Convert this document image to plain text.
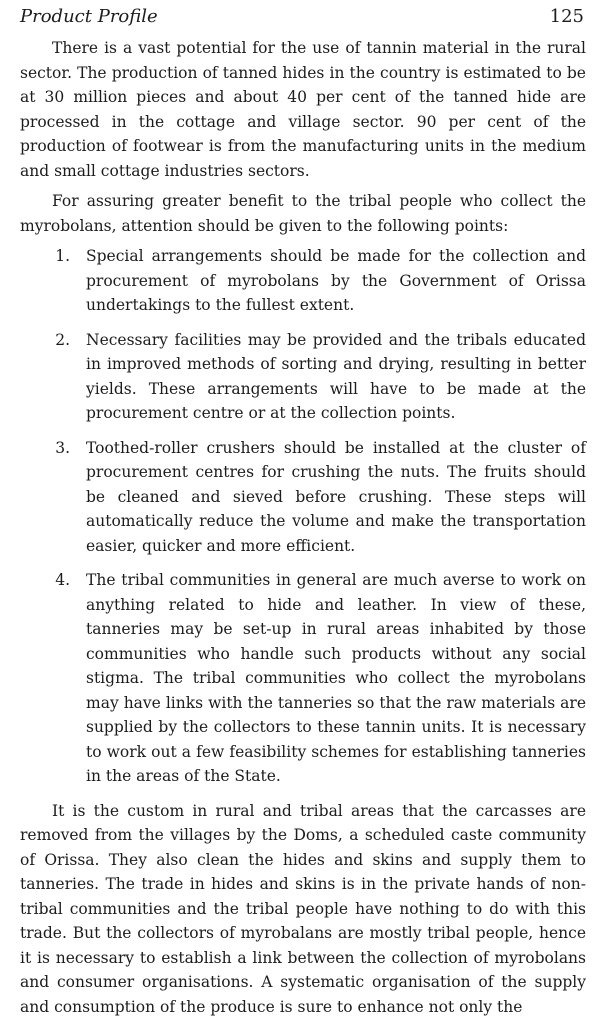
Product Profile	125

There is a vast potential for the use of tannin material in the rural sector. The production of tanned hides in the country is estimated to be at 30 million pieces and about 40 per cent of the tanned hide are processed in the cottage and village sector. 90 per cent of the production of footwear is from the manufacturing units in the medium and small cottage industries sectors.

For assuring greater benefit to the tribal people who collect the myrobolans, attention should be given to the following points:

1.	Special arrangements should be made for the collection and procurement of myrobolans by the Government of Orissa undertakings to the fullest extent.

2.	Necessary facilities may be provided and the tribals educated in improved methods of sorting and drying, resulting in better yields. These arrangements will have to be made at the procurement centre or at the collection points.

3.	Toothed-roller crushers should be installed at the cluster of procurement centres for crushing the nuts. The fruits should be cleaned and sieved before crushing. These steps will automatically reduce the volume and make the transportation easier, quicker and more efficient.

4.	The tribal communities in general are much averse to work on anything related to hide and leather. In view of these, tanneries may be set-up in rural areas inhabited by those communities who handle such products without any social stigma. The tribal communities who collect the myrobolans may have links with the tanneries so that the raw materials are supplied by the collectors to these tannin units. It is necessary to work out a few feasibility schemes for establishing tanneries in the areas of the State.

It is the custom in rural and tribal areas that the carcasses are removed from the villages by the Doms, a scheduled caste community of Orissa. They also clean the hides and skins and supply them to tanneries. The trade in hides and skins is in the private hands of non-tribal communities and the tribal people have nothing to do with this trade. But the collectors of myrobalans are mostly tribal people, hence it is necessary to establish a link between the collection of myrobolans and consumer organisations. A systematic organisation of the supply and consumption of the produce is sure to enhance not only the
